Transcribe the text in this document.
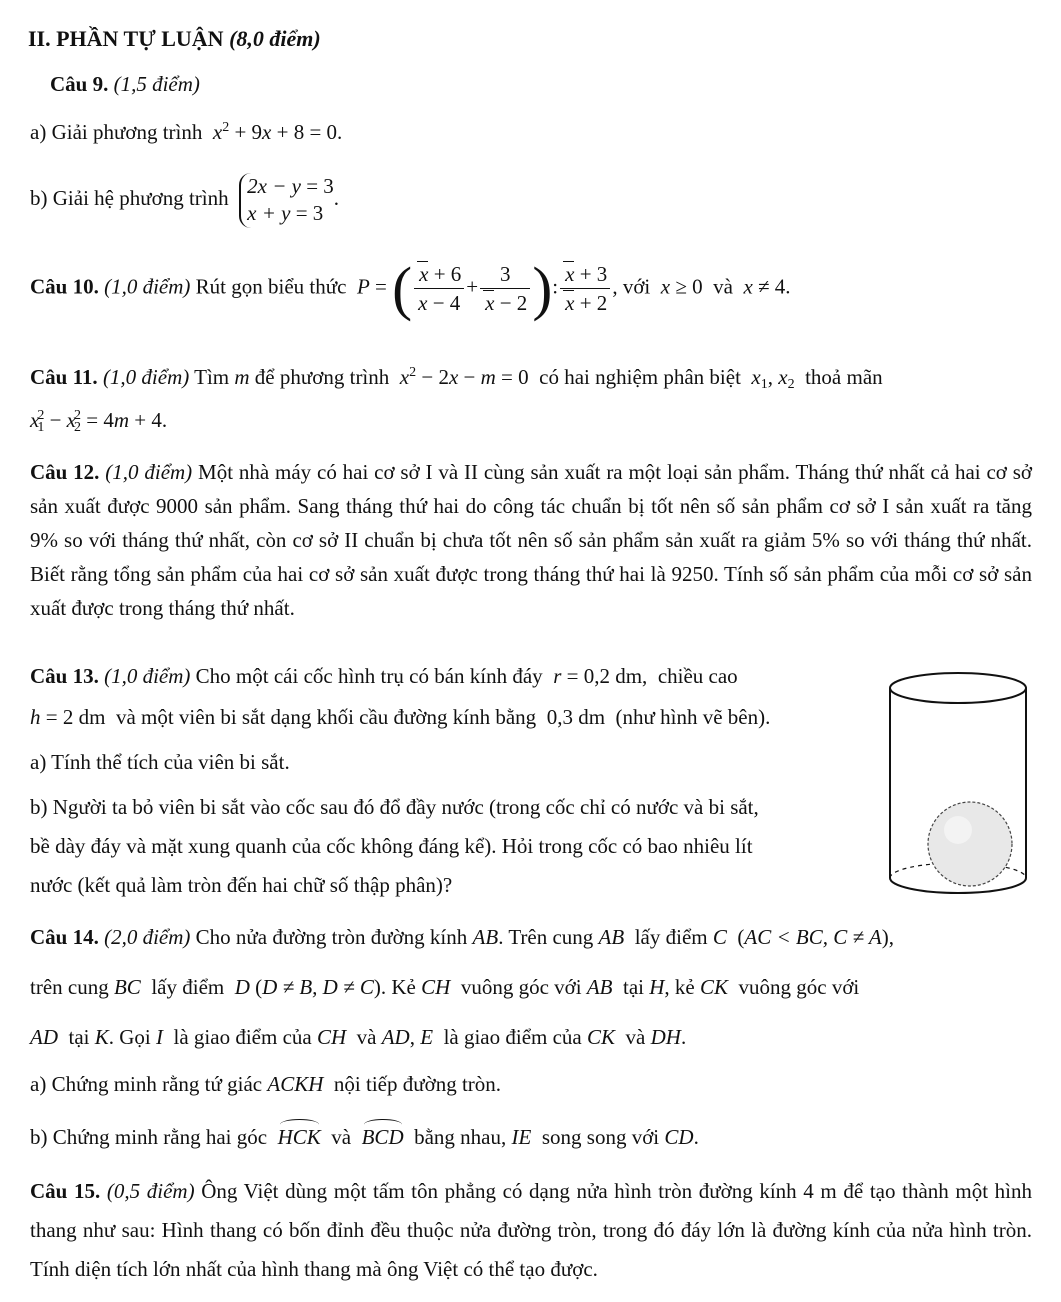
II. PHẦN TỰ LUẬN (8,0 điểm)
Câu 9. (1,5 điểm)
a) Giải phương trình $x^2 + 9x + 8 = 0$.
b) Giải hệ phương trình  2x − y = 3
x + y = 3.
Câu 10. (1,0 điểm) Rút gọn biểu thức P = ( $\frac{x + 6}{x - 4} + \frac{3}{x - 2}$ ): $\frac{x + 3}{x + 2}$ , với x ≥ 0  và x ≠ 4.
Câu 11. (1,0 điểm) Tìm m để phương trình $x^2 - 2x - m = 0$  có hai nghiệm phân biệt $x_1$, $x_2$ thoả mãn
$x_1^2 - x_2^2 = 4m + 4$.

Câu 12. (1,0 điểm) Một nhà máy có hai cơ sở I và II cùng sản xuất ra một loại sản phẩm. Tháng thứ nhất cả hai cơ sở sản xuất được 9000 sản phẩm. Sang tháng thứ hai do công tác chuẩn bị tốt nên số sản phẩm cơ sở I sản xuất ra tăng 9% so với tháng thứ nhất, còn cơ sở II chuẩn bị chưa tốt nên số sản phẩm sản xuất ra giảm 5% so với tháng thứ nhất. Biết rằng tổng sản phẩm của hai cơ sở sản xuất được trong tháng thứ hai là 9250. Tính số sản phẩm của mỗi cơ sở sản xuất được trong tháng thứ nhất.

Câu 13. (1,0 điểm) Cho một cái cốc hình trụ có bán kính đáy r = 0,2 dm,  chiều cao
h = 2 dm  và một viên bi sắt dạng khối cầu đường kính bằng  0,3 dm  (như hình vẽ bên).
a) Tính thể tích của viên bi sắt.
b) Người ta bỏ viên bi sắt vào cốc sau đó đổ đầy nước (trong cốc chỉ có nước và bi sắt,
bề dày đáy và mặt xung quanh của cốc không đáng kể). Hỏi trong cốc có bao nhiêu lít
nước (kết quả làm tròn đến hai chữ số thập phân)?
Câu 14. (2,0 điểm) Cho nửa đường tròn đường kính AB. Trên cung AB lấy điểm C  (AC < BC, C ≠ A),
trên cung BC lấy điểm D (D ≠ B, D ≠ C). Kẻ CH vuông góc với AB tại H, kẻ CK vuông góc với
AD tại K. Gọi I là giao điểm của CH và AD, E là giao điểm của CK và DH.
a) Chứng minh rằng tứ giác ACKH nội tiếp đường tròn.
b) Chứng minh rằng hai góc HCK và BCD bằng nhau, IE song song với CD.

Câu 15. (0,5 điểm) Ông Việt dùng một tấm tôn phẳng có dạng nửa hình tròn đường kính 4 m để tạo thành một hình thang như sau: Hình thang có bốn đỉnh đều thuộc nửa đường tròn, trong đó đáy lớn là đường kính của nửa hình tròn. Tính diện tích lớn nhất của hình thang mà ông Việt có thể tạo được.
